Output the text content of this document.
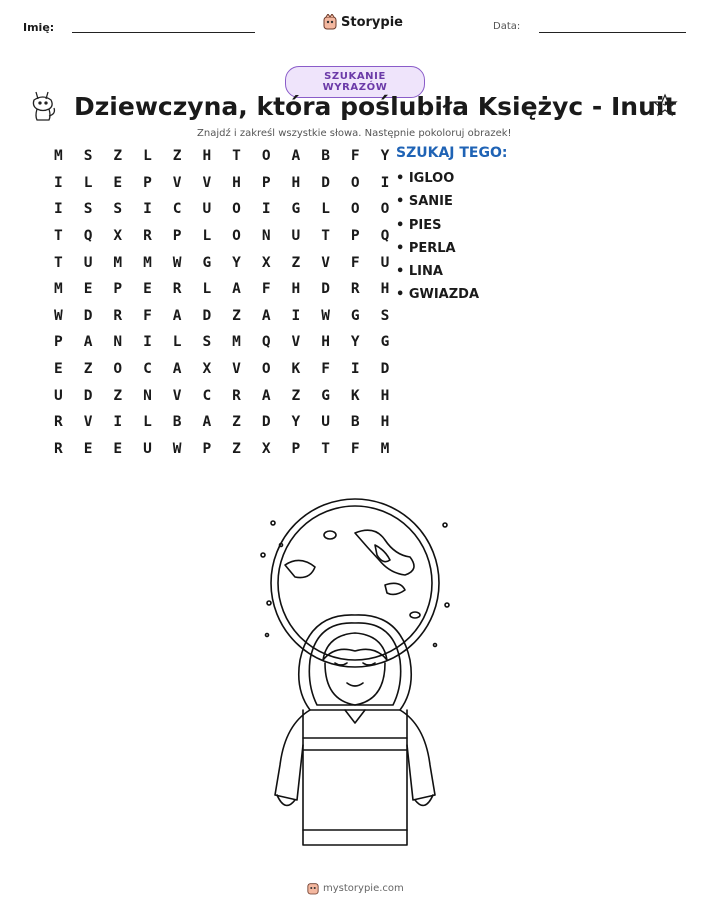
Imię:	Storypie	Data:
SZUKANIE WYRAZÓW
Dziewczyna, która poślubiła Księżyc - Inuit
Znajdź i zakreśl wszystkie słowa. Następnie pokoloruj obrazek!
M	S	Z	L	Z	H	T	O	A	B	F	Y
I	L	E	P	V	V	H	P	H	D	O	I
I	S	S	I	C	U	O	I	G	L	O	O
T	Q	X	R	P	L	O	N	U	T	P	Q
T	U	M	M	W	G	Y	X	Z	V	F	U
M	E	P	E	R	L	A	F	H	D	R	H
W	D	R	F	A	D	Z	A	I	W	G	S
P	A	N	I	L	S	M	Q	V	H	Y	G
E	Z	O	C	A	X	V	O	K	F	I	D
U	D	Z	N	V	C	R	A	Z	G	K	H
R	V	I	L	B	A	Z	D	Y	U	B	H
R	E	E	U	W	P	Z	X	P	T	F	M
SZUKAJ TEGO:
• IGLOO
• SANIE
• PIES
• PERLA
• LINA
• GWIAZDA
mystorypie.com
